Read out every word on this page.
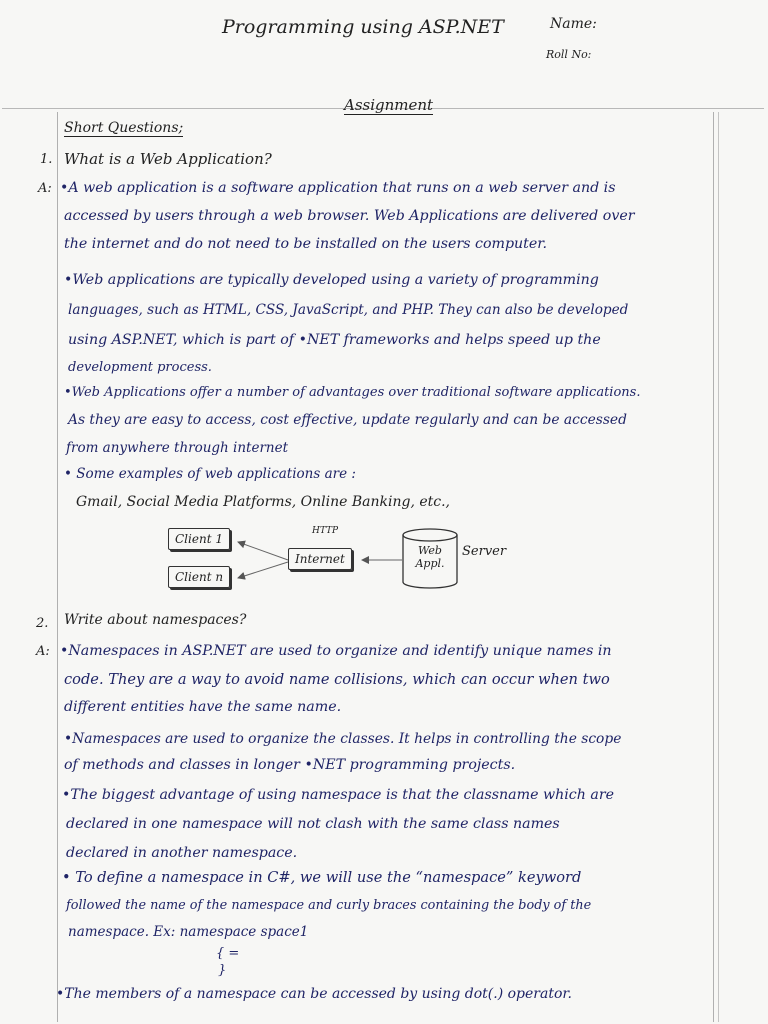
Programming using ASP.NET	Name:
Roll No:
Assignment
Short Questions;
1. What is a Web Application?
A: •A web application is a software application that runs on a web server and is
accessed by users through a web browser. Web Applications are delivered over
the internet and do not need to be installed on the users computer.
•Web applications are typically developed using a variety of programming
languages, such as HTML, CSS, JavaScript, and PHP. They can also be developed
using ASP.NET, which is part of •NET frameworks and helps speed up the
development process.
•Web Applications offer a number of advantages over traditional software applications.
As they are easy to access, cost effective, update regularly and can be accessed
from anywhere through internet
• Some examples of web applications are :
Gmail, Social Media Platforms, Online Banking, etc.,
Client 1
Client n
Internet
HTTP
Web Appl.
Server
2. Write about namespaces?
A: •Namespaces in ASP.NET are used to organize and identify unique names in
code. They are a way to avoid name collisions, which can occur when two
different entities have the same name.
•Namespaces are used to organize the classes. It helps in controlling the scope
of methods and classes in longer •NET programming projects.
•The biggest advantage of using namespace is that the classname which are
declared in one namespace will not clash with the same class names
declared in another namespace.
• To define a namespace in C#, we will use the “namespace” keyword
followed the name of the namespace and curly braces containing the body of the
namespace. Ex: namespace space1
{ =
}
•The members of a namespace can be accessed by using dot(.) operator.
